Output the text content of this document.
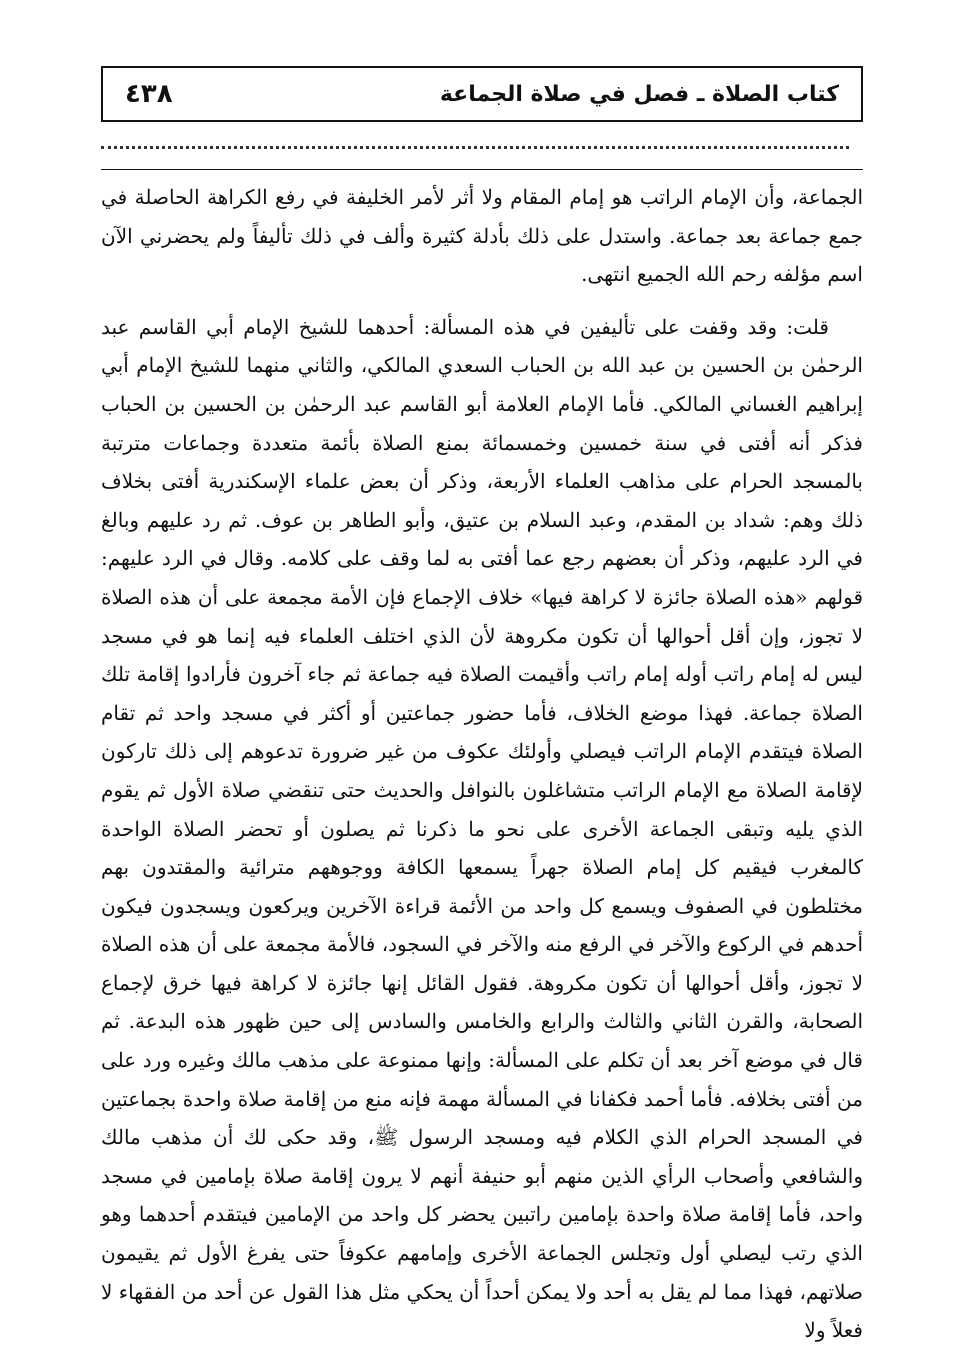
كتاب الصلاة ـ فصل في صلاة الجماعة
٤٣٨

الجماعة، وأن الإمام الراتب هو إمام المقام ولا أثر لأمر الخليفة في رفع الكراهة الحاصلة في جمع جماعة بعد جماعة. واستدل على ذلك بأدلة كثيرة وألف في ذلك تأليفاً ولم يحضرني الآن اسم مؤلفه رحم الله الجميع انتهى.

قلت: وقد وقفت على تأليفين في هذه المسألة: أحدهما للشيخ الإمام أبي القاسم عبد الرحمٰن بن الحسين بن عبد الله بن الحباب السعدي المالكي، والثاني منهما للشيخ الإمام أبي إبراهيم الغساني المالكي. فأما الإمام العلامة أبو القاسم عبد الرحمٰن بن الحسين بن الحباب فذكر أنه أفتى في سنة خمسين وخمسمائة بمنع الصلاة بأئمة متعددة وجماعات مترتبة بالمسجد الحرام على مذاهب العلماء الأربعة، وذكر أن بعض علماء الإسكندرية أفتى بخلاف ذلك وهم: شداد بن المقدم، وعبد السلام بن عتيق، وأبو الطاهر بن عوف. ثم رد عليهم وبالغ في الرد عليهم، وذكر أن بعضهم رجع عما أفتى به لما وقف على كلامه. وقال في الرد عليهم: قولهم «هذه الصلاة جائزة لا كراهة فيها» خلاف الإجماع فإن الأمة مجمعة على أن هذه الصلاة لا تجوز، وإن أقل أحوالها أن تكون مكروهة لأن الذي اختلف العلماء فيه إنما هو في مسجد ليس له إمام راتب أوله إمام راتب وأقيمت الصلاة فيه جماعة ثم جاء آخرون فأرادوا إقامة تلك الصلاة جماعة. فهذا موضع الخلاف، فأما حضور جماعتين أو أكثر في مسجد واحد ثم تقام الصلاة فيتقدم الإمام الراتب فيصلي وأولئك عكوف من غير ضرورة تدعوهم إلى ذلك تاركون لإقامة الصلاة مع الإمام الراتب متشاغلون بالنوافل والحديث حتى تنقضي صلاة الأول ثم يقوم الذي يليه وتبقى الجماعة الأخرى على نحو ما ذكرنا ثم يصلون أو تحضر الصلاة الواحدة كالمغرب فيقيم كل إمام الصلاة جهراً يسمعها الكافة ووجوههم مترائية والمقتدون بهم مختلطون في الصفوف ويسمع كل واحد من الأئمة قراءة الآخرين ويركعون ويسجدون فيكون أحدهم في الركوع والآخر في الرفع منه والآخر في السجود، فالأمة مجمعة على أن هذه الصلاة لا تجوز، وأقل أحوالها أن تكون مكروهة. فقول القائل إنها جائزة لا كراهة فيها خرق لإجماع الصحابة، والقرن الثاني والثالث والرابع والخامس والسادس إلى حين ظهور هذه البدعة. ثم قال في موضع آخر بعد أن تكلم على المسألة: وإنها ممنوعة على مذهب مالك وغيره ورد على من أفتى بخلافه. فأما أحمد فكفانا في المسألة مهمة فإنه منع من إقامة صلاة واحدة بجماعتين في المسجد الحرام الذي الكلام فيه ومسجد الرسول ﷺ، وقد حكى لك أن مذهب مالك والشافعي وأصحاب الرأي الذين منهم أبو حنيفة أنهم لا يرون إقامة صلاة بإمامين في مسجد واحد، فأما إقامة صلاة واحدة بإمامين راتبين يحضر كل واحد من الإمامين فيتقدم أحدهما وهو الذي رتب ليصلي أول وتجلس الجماعة الأخرى وإمامهم عكوفاً حتى يفرغ الأول ثم يقيمون صلاتهم، فهذا مما لم يقل به أحد ولا يمكن أحداً أن يحكي مثل هذا القول عن أحد من الفقهاء لا فعلاً ولا
